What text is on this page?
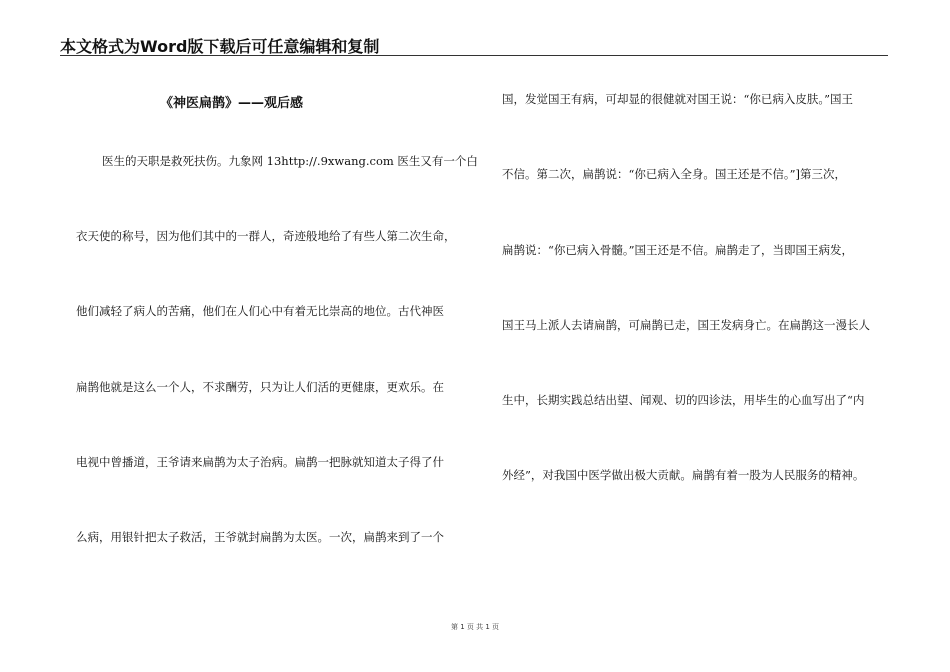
本文格式为Word版下载后可任意编辑和复制
《神医扁鹊》——观后感
医生的天职是救死扶伤。九象网 13http://.9xwang.com 医生又有一个白
衣天使的称号，因为他们其中的一群人，奇迹般地给了有些人第二次生命，
他们减轻了病人的苦痛，他们在人们心中有着无比崇高的地位。古代神医
扁鹊他就是这么一个人，不求酬劳，只为让人们活的更健康，更欢乐。在
电视中曾播道，王爷请来扁鹊为太子治病。扁鹊一把脉就知道太子得了什
么病，用银针把太子救活，王爷就封扁鹊为太医。一次，扁鹊来到了一个
国，发觉国王有病，可却显的很健就对国王说：“你已病入皮肤。”国王
不信。第二次，扁鹊说：“你已病入全身。国王还是不信。”]第三次，
扁鹊说：“你已病入骨髓。”国王还是不信。扁鹊走了，当即国王病发，
国王马上派人去请扁鹊，可扁鹊已走，国王发病身亡。在扁鹊这一漫长人
生中，长期实践总结出望、闻观、切的四诊法，用毕生的心血写出了“内
外经”，对我国中医学做出极大贡献。扁鹊有着一股为人民服务的精神。
第 1 页 共 1 页
